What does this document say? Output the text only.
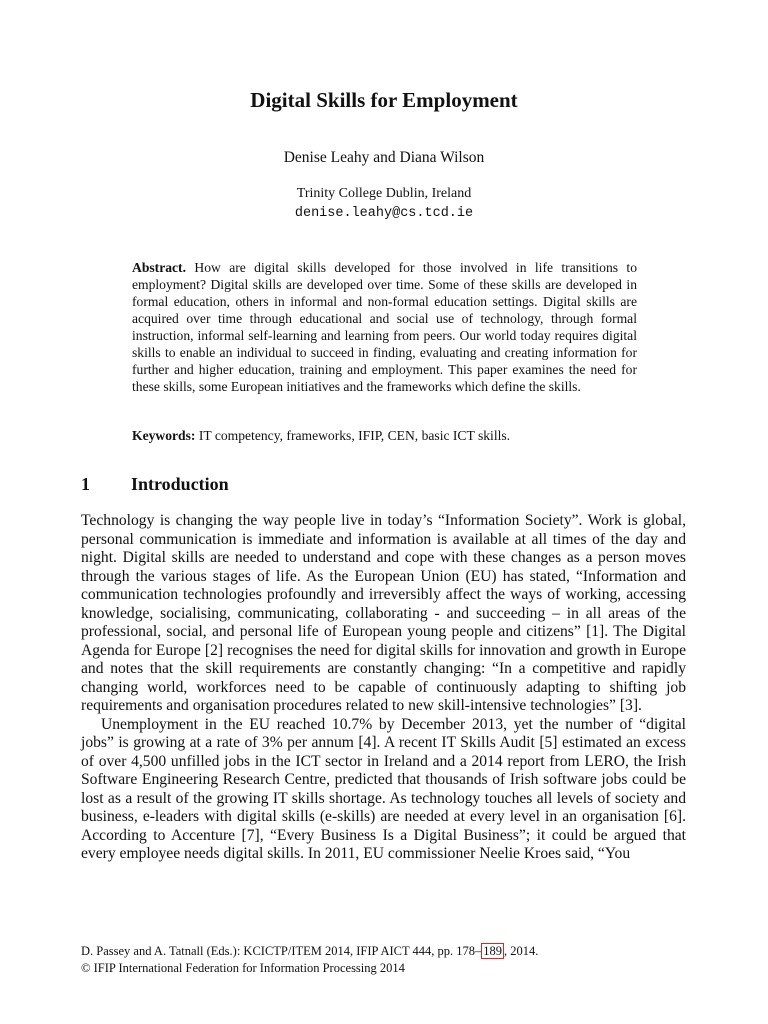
Digital Skills for Employment
Denise Leahy and Diana Wilson
Trinity College Dublin, Ireland
denise.leahy@cs.tcd.ie
Abstract. How are digital skills developed for those involved in life transitions to employment? Digital skills are developed over time. Some of these skills are developed in formal education, others in informal and non-formal education settings. Digital skills are acquired over time through educational and social use of technology, through formal instruction, informal self-learning and learning from peers. Our world today requires digital skills to enable an individual to succeed in finding, evaluating and creating information for further and higher education, training and employment. This paper examines the need for these skills, some European initiatives and the frameworks which define the skills.
Keywords: IT competency, frameworks, IFIP, CEN, basic ICT skills.
1 Introduction

Technology is changing the way people live in today’s “Information Society”. Work is global, personal communication is immediate and information is available at all times of the day and night. Digital skills are needed to understand and cope with these changes as a person moves through the various stages of life. As the European Union (EU) has stated, “Information and communication technologies profoundly and irreversibly affect the ways of working, accessing knowledge, socialising, communicating, collaborating - and succeeding – in all areas of the professional, social, and personal life of European young people and citizens” [1]. The Digital Agenda for Europe [2] recognises the need for digital skills for innovation and growth in Europe and notes that the skill requirements are constantly changing: “In a competitive and rapidly changing world, workforces need to be capable of continuously adapting to shifting job requirements and organisation procedures related to new skill-intensive technologies” [3].

Unemployment in the EU reached 10.7% by December 2013, yet the number of “digital jobs” is growing at a rate of 3% per annum [4]. A recent IT Skills Audit [5] estimated an excess of over 4,500 unfilled jobs in the ICT sector in Ireland and a 2014 report from LERO, the Irish Software Engineering Research Centre, predicted that thousands of Irish software jobs could be lost as a result of the growing IT skills shortage. As technology touches all levels of society and business, e-leaders with digital skills (e-skills) are needed at every level in an organisation [6]. According to Accenture [7], “Every Business Is a Digital Business”; it could be argued that every employee needs digital skills. In 2011, EU commissioner Neelie Kroes said, “You

D. Passey and A. Tatnall (Eds.): KCICTP/ITEM 2014, IFIP AICT 444, pp. 178– 189 , 2014.
© IFIP International Federation for Information Processing 2014
